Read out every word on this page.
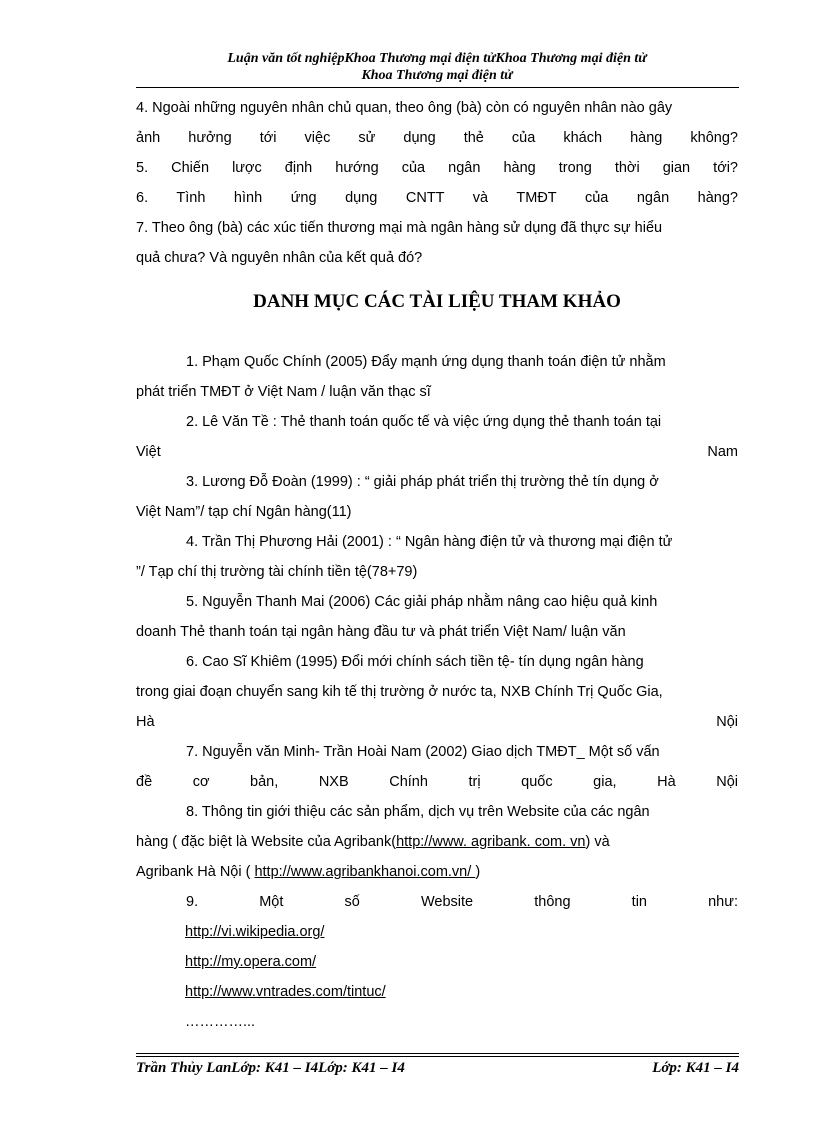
Luận văn tốt nghiệpKhoa Thương mại điện tửKhoa Thương mại điện tử
Khoa Thương mại điện tử
4. Ngoài những nguyên nhân chủ quan, theo ông (bà) còn có nguyên nhân nào gây
ảnh hưởng tới việc sử dụng thẻ của khách hàng không?
5. Chiến lược định hướng của ngân hàng trong thời gian tới?
6. Tình hình ứng dụng CNTT và TMĐT của ngân hàng?
7. Theo ông (bà) các xúc tiến thương mại mà ngân hàng sử dụng đã thực sự hiểu
quả chưa? Và nguyên nhân của kết quả đó?
DANH MỤC CÁC TÀI LIỆU THAM KHẢO
1. Phạm Quốc Chính (2005) Đẩy mạnh ứng dụng thanh toán điện tử nhằm
phát triển TMĐT ở Việt Nam / luận văn thạc sĩ
2. Lê Văn Tề : Thẻ thanh toán quốc tế và việc ứng dụng thẻ thanh toán tại
Việt Nam
3. Lương Đỗ Đoàn (1999) : “ giải pháp phát triển thị trường thẻ tín dụng ở
Việt Nam”/ tạp chí Ngân hàng(11)
4. Trần Thị Phương Hải (2001) : “ Ngân hàng điện tử và thương mại điện tử
”/ Tạp chí thị trường tài chính tiền tệ(78+79)
5. Nguyễn Thanh Mai (2006) Các giải pháp nhằm nâng cao hiệu quả kinh
doanh Thẻ thanh toán tại ngân hàng đầu tư và phát triển Việt Nam/ luận văn
6. Cao Sĩ Khiêm (1995) Đổi mới chính sách tiền tệ- tín dụng ngân hàng
trong giai đoạn chuyển sang kih tế thị trường ở nước ta, NXB Chính Trị Quốc Gia,
Hà Nội
7. Nguyễn văn Minh- Trần Hoài Nam (2002) Giao dịch TMĐT_ Một số vấn
đề cơ bản, NXB Chính trị quốc gia, Hà Nội
8. Thông tin giới thiệu các sản phẩm, dịch vụ trên Website của các ngân
hàng ( đặc biệt là Website của Agribank(http://www. agribank. com. vn) và
Agribank Hà Nội ( http://www.agribankhanoi.com.vn/ )
9. Một số Website thông tin như:
http://vi.wikipedia.org/
http://my.opera.com/
http://www.vntrades.com/tintuc/
…………...
Trần Thủy LanLớp: K41 – I4Lớp: K41 – I4	Lớp: K41 – I4
